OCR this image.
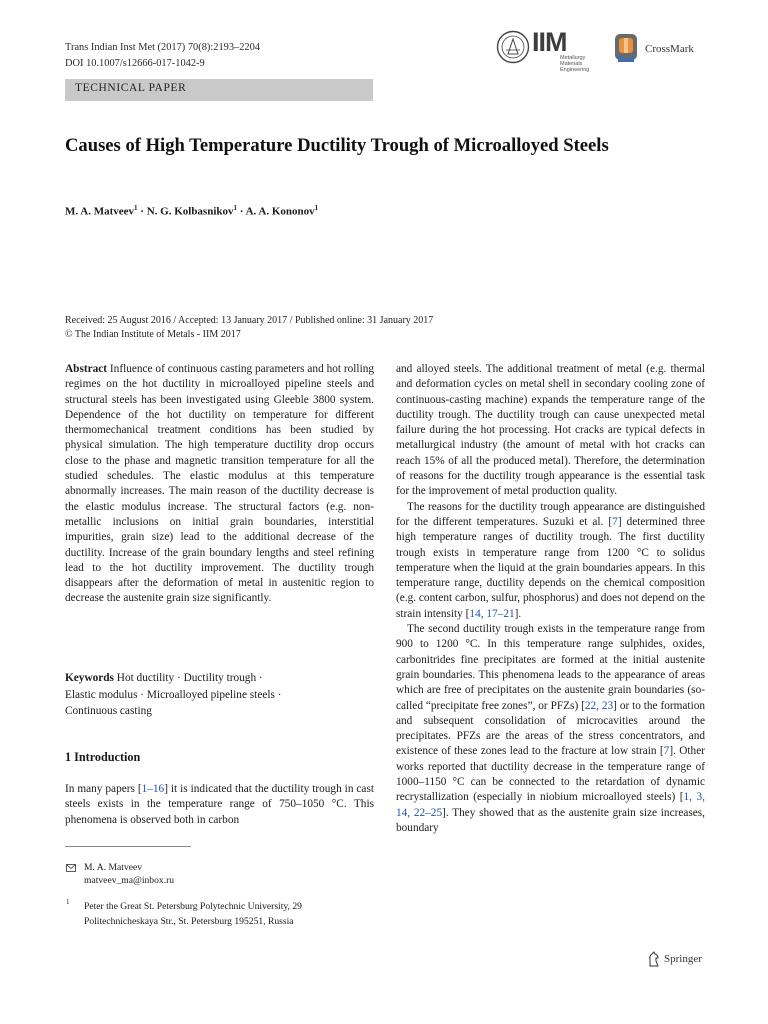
Trans Indian Inst Met (2017) 70(8):2193–2204
DOI 10.1007/s12666-017-1042-9
TECHNICAL PAPER
IIM
Metallurgy
Materials Engineering
CrossMark
Causes of High Temperature Ductility Trough of Microalloyed Steels
M. A. Matveev$^1$ · N. G. Kolbasnikov$^1$ · A. A. Kononov$^1$
Received: 25 August 2016 / Accepted: 13 January 2017 / Published online: 31 January 2017
© The Indian Institute of Metals - IIM 2017

Abstract Influence of continuous casting parameters and hot rolling regimes on the hot ductility in microalloyed pipeline steels and structural steels has been investigated using Gleeble 3800 system. Dependence of the hot ductility on temperature for different thermomechanical treatment conditions has been studied by physical simulation. The high temperature ductility drop occurs close to the phase and magnetic transition temperature for all the studied schedules. The elastic modulus at this temperature abnormally increases. The main reason of the ductility decrease is the elastic modulus increase. The structural factors (e.g. non-metallic inclusions on initial grain boundaries, interstitial impurities, grain size) lead to the additional decrease of the ductility. Increase of the grain boundary lengths and steel refining lead to the hot ductility improvement. The ductility trough disappears after the deformation of metal in austenitic region to decrease the austenite grain size significantly.

Keywords Hot ductility · Ductility trough ·
Elastic modulus · Microalloyed pipeline steels ·
Continuous casting
1 Introduction

In many papers [1–16] it is indicated that the ductility trough in cast steels exists in the temperature range of 750–1050 °C. This phenomena is observed both in carbon

and alloyed steels. The additional treatment of metal (e.g. thermal and deformation cycles on metal shell in secondary cooling zone of continuous-casting machine) expands the temperature range of the ductility trough. The ductility trough can cause unexpected metal failure during the hot processing. Hot cracks are typical defects in metallurgical industry (the amount of metal with hot cracks can reach 15% of all the produced metal). Therefore, the determination of reasons for the ductility trough appearance is the essential task for the improvement of metal production quality.

The reasons for the ductility trough appearance are distinguished for the different temperatures. Suzuki et al. [7] determined three high temperature ranges of ductility trough. The first ductility trough exists in temperature range from 1200 °C to solidus temperature when the liquid at the grain boundaries appears. In this temperature range, ductility depends on the chemical composition (e.g. content carbon, sulfur, phosphorus) and does not depend on the strain intensity [14, 17–21].

The second ductility trough exists in the temperature range from 900 to 1200 °C. In this temperature range sulphides, oxides, carbonitrides fine precipitates are formed at the initial austenite grain boundaries. This phenomena leads to the appearance of areas which are free of precipitates on the austenite grain boundaries (so-called “precipitate free zones”, or PFZs) [22, 23] or to the formation and subsequent consolidation of microcavities around the precipitates. PFZs are the areas of the stress concentrators, and existence of these zones lead to the fracture at low strain [7]. Other works reported that ductility decrease in the temperature range of 1000–1150 °C can be connected to the retardation of dynamic recrystallization (especially in niobium microalloyed steels) [1, 3, 14, 22–25]. They showed that as the austenite grain size increases, boundary

M. A. Matveev
matveev_ma@inbox.ru
1 Peter the Great St. Petersburg Polytechnic University, 29
Politechnicheskaya Str., St. Petersburg 195251, Russia
Springer
